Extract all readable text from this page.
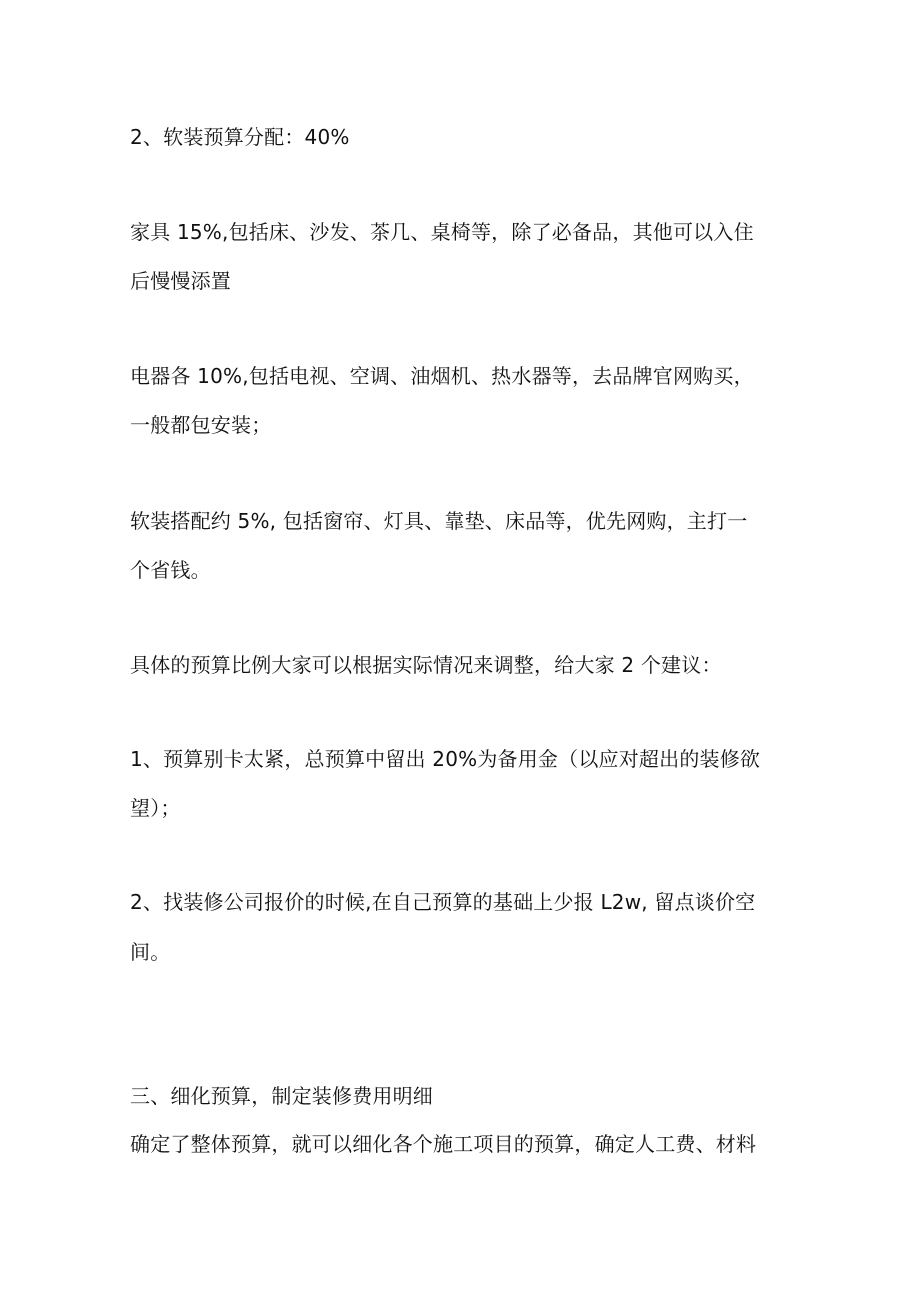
2、软装预算分配：40%
家具 15%,包括床、沙发、茶几、桌椅等，除了必备品，其他可以入住
后慢慢添置
电器各 10%,包括电视、空调、油烟机、热水器等，去品牌官网购买，
一般都包安装；
软装搭配约 5%, 包括窗帘、灯具、靠垫、床品等，优先网购，主打一
个省钱。
具体的预算比例大家可以根据实际情况来调整，给大家 2 个建议：
1、预算别卡太紧，总预算中留出 20%为备用金（以应对超出的装修欲
望）；
2、找装修公司报价的时候,在自己预算的基础上少报 L2w, 留点谈价空
间。
三、细化预算，制定装修费用明细
确定了整体预算，就可以细化各个施工项目的预算，确定人工费、材料
